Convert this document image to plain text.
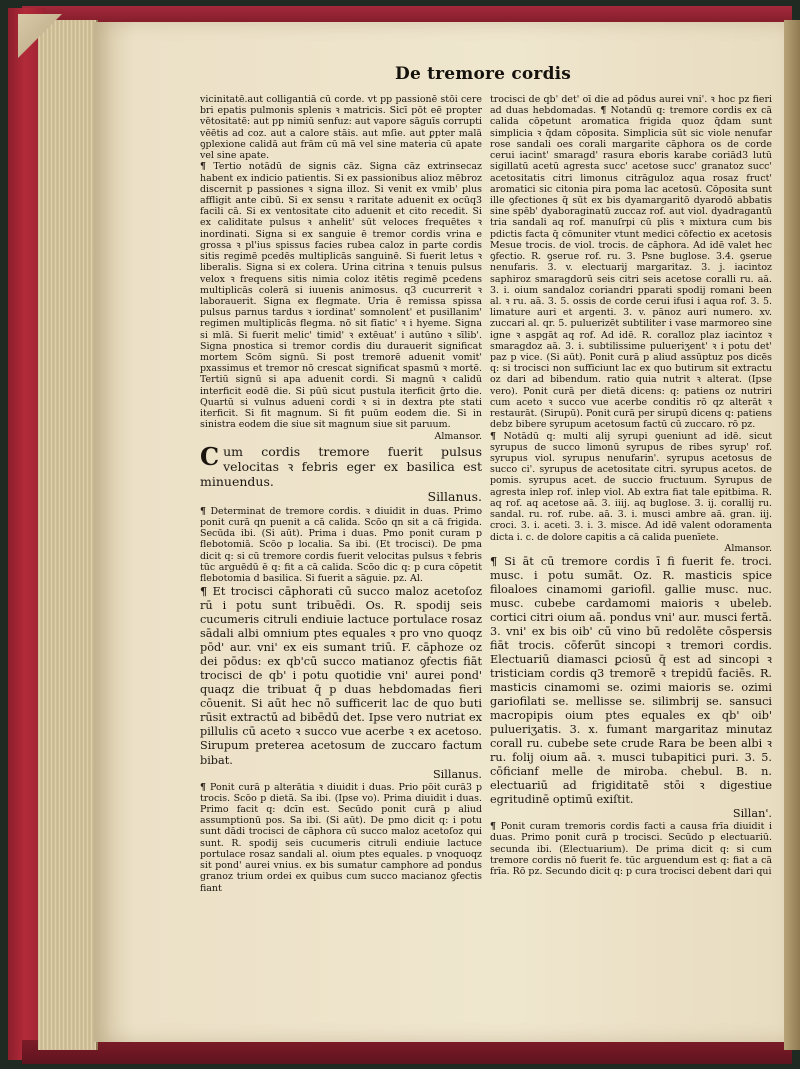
De tremore cordis

vicinitatē.aut colligantiā cū corde. vt pp passionē stōi cere bri epatis pulmonis splenis ꝛ matricis. Sicī pōt eē propter vētositatē: aut pp nimiū senfuz: aut vapore sāguīs corrupti vēētis ad coz. aut a calore stāis. aut mſie. aut ꝑpter malā ꝯplexione calidā aut frām cū mā vel sine materia cū apate vel sine apate.

¶ Tertio notādū de signis cāz. Signa cāz extrinsecaz habent ex indicio patientis. Si ex passionibus alioz mēbroz discernit p passiones ꝛ signa illoz. Si venit ex vmib' plus affligit ante cibū. Si ex sensu ꝛ raritate aduenit ex ocūq3 facili cā. Si ex ventositate cito aduenit et cito recedit. Si ex caliditate pulsus ꝛ anhelit' sūt veloces frequētes ꝛ inordinati. Signa si ex sanguie ē tremor cordis vrina e grossa ꝛ pl'ius spissus facies rubea caloz in parte cordis sitis regimē pcedēs multiplicās sanguinē. Si fuerit letus ꝛ liberalis. Signa si ex colera. Urina citrina ꝛ tenuis pulsus velox ꝛ frequens sitis nimia coloz itētis regimē pcedens multiplicās colerā si iuuenis animosus. q3 cucurrerit ꝛ laborauerit. Signa ex flegmate. Uria ē remissa spissa pulsus parnus tardus ꝛ iordinat' somnolent' et pusillanim' regimen multiplicās flegma. nō sit fīatic' ꝛ i hyeme. Signa si mlā. Si fuerit melic' timid' ꝛ extēuat' i autūno ꝛ sīlib'. Signa pnostica si tremor cordis diu durauerit significat mortem Scōm signū. Si post tremorē aduenit vomit' pxassimus et tremor nō crescat significat spasmū ꝛ mortē. Tertiū signū si apa aduenit cordi. Si magnū ꝛ calidū interficit eodē die. Si pūū sicut pustula iterficit ḡrto die. Quartū si vulnus adueni cordi ꝛ si in dextra pte stati iterficit. Si fit magnum. Si fit puūm eodem die. Si in sinistra eodem die siue sit magnum siue sit paruum.
Almansor.

C um cordis tremore fuerit pulsus velocitas ꝛ febris eger ex basilica est minuendus.
Sillanus.

¶ Determinat de tremore cordis. ꝛ diuidit in duas. Primo ponit curā qn puenit a cā calida. Scōo qn sit a cā frigida. Secūda ibi. (Si aūt). Prima i duas. Pmo ponit curam p flebotomiā. Scōo p localia. Sa ibi. (Et trocisci). De pma dicit q: si cū tremore cordis fuerit velocitas pulsus ꝛ febris tūc arguēdū ē q: fit a cā calida. Scōo dic q: p cura cōpetit flebotomia d basilica. Si fuerit a sāguie. pz. Al.

¶ Et trocisci cāphorati cū succo maloz acetoſoz rū i potu sunt tribuēdi. Os. R. spodij seis cucumeris citruli endiuie lactuce portulace rosaz sādali albi omnium ptes equales ꝛ pro vno quoqz pōd' aur. vni' ex eis sumant triū. F. cāphoze oz dei pōdus: ex qb'cū succo matianoz ꝯfectis fiāt trocisci de qb' i potu quotidie vni' aurei pond' quaqz die tribuat q̄ p duas hebdomadas fieri cōuenit. Si aūt hec nō sufficerit lac de quo buti rūsit extractū ad bibēdū det. Ipse vero nutriat ex pillulis cū aceto ꝛ succo vue acerbe ꝛ ex acetoso. Sirupum preterea acetosum de zuccaro factum bibat.
Sillanus.

¶ Ponit curā p alterātia ꝛ diuidit i duas. Prio pōit curā3 p trocis. Scōo p dietā. Sa ibi. (Ipse vo). Prima diuidit i duas. Primo facit q: dcīn est. Secūdo ponit curā p aliud assumptionū pos. Sa ibi. (Si aūt). De pmo dicit q: i potu sunt dādi trocisci de cāphora cū succo maloz acetoſoz qui sunt. R. spodij seis cucumeris citruli endiuie lactuce portulace rosaz sandali al. oium ptes equales. p vnoquoqz sit pond' aurei vnius. ex bis sumatur camphore ad pondus granoz trium ordei ex quibus cum succo macianoz ꝯfectis fiant

trocisci de qb' det' oī die ad pōdus aurei vni'. ꝛ hoc pz fieri ad duas hebdomadas. ¶ Notandū q: tremore cordis ex cā calida cōpetunt aromatica frigida quoz q̄dam sunt simplicia ꝛ q̄dam cōposita. Simplicia sūt sic viole nenufar rose sandali oes corali margarite cāphora os de corde cerui iacint' smaragd' rasura eboris karabe coriād3 lutū sigillatū acetū agresta succ' acetose succ' granatoz succ' acetositatis citri limonus citrāguloz aqua rosaz fruct' aromatici sic citonia pira poma lac acetosū. Cōposita sunt ille ꝯfectiones q̄ sūt ex bis dyamargaritō dyarodō abbatis sine spēb' dyaboraginatū zuccaz rof. aut viol. dyadragantū tria sandali aq rof. manuſrpi cū plis ꝛ mixtura cum bis pdictis facta q̄ cōmuniter vtunt medici cōfectio ex acetosis Mesue trocis. de viol. trocis. de cāphora. Ad idē valet hec ꝯfectio. R. ꝯserue rof. ru. 3. Psne buglose. 3.4. ꝯserue nenufaris. 3. v. electuarij margaritaz. 3. j. iacintoz saphiroz smaragdorū seis citri seis acetose coralli ru. aā. 3. i. oium sandaloz coriandri pparati spodij romani been al. ꝛ ru. aā. 3. 5. ossis de corde cerui ifusi i aqua rof. 3. 5. limature auri et argenti. 3. v. pānoz auri numero. xv. zuccari al. qr. 5. puluerizēt subtiliter i vase marmoreo sine igne ꝛ aspgāt aq rof. Ad idē. R. coralloz plaz iacintoz ꝛ smaragdoz aā. 3. i. subtilissime pulueriʒent' ꝛ i potu det' paz p vice. (Si aūt). Ponit curā p aliud assūptuz pos dicēs q: si trocisci non sufficiunt lac ex quo butirum sit extractu oz dari ad bibendum. ratio quia nutrit ꝛ alterat. (Ipse vero). Ponit curā per dietā dicens: q: patiens oz nutriri cum aceto ꝛ succo vue acerbe conditis rō qz alterāt ꝛ restaurāt. (Sirupū). Ponit curā per sirupū dicens q: patiens debz bibere syrupum acetosum factū cū zuccaro. rō pz.

¶ Notādū q: multi alij syrupi ꝯueniunt ad idē. sicut syrupus de succo limonū syrupus de ribes syrup' rof. syrupus viol. syrupus nenufarin'. syrupus acetosus de succo ci'. syrupus de acetositate citri. syrupus acetos. de pomis. syrupus acet. de succio fructuum. Syrupus de agresta inlep rof. inlep viol. Ab extra fiat tale epitbima. R. aq rof. aq acetose aā. 3. iiij. aq buglose. 3. ij. corallij ru. sandal. ru. rof. rube. aā. 3. i. musci ambre aā. gran. iij. croci. 3. i. aceti. 3. i. 3. misce. Ad idē valent odoramenta dicta i. c. de dolore capitis a cā calida puenīete.
Almansor.

¶ Si āt cū tremore cordis ī fi fuerit fe. troci. musc. i potu sumāt. Oz. R. masticis spice filoaloes cinamomi gariofil. gallie musc. nuc. musc. cubebe cardamomi maioris ꝛ ubeleb. cortici citri oium aā. pondus vni' aur. musci fertā. 3. vni' ex bis oib' cū vino bū redolēte cōspersis fiāt trocis. cōferūt sincopi ꝛ tremori cordis. Electuariū diamasci ꝑciosū q̄ est ad sincopi ꝛ tristiciam cordis q3 tremorē ꝛ trepidū faciēs. R. masticis cinamomi se. ozimi maioris se. ozimi gariofilati se. mellisse se. silimbrij se. sansuci macropipis oium ptes equales ex qb' oib' pulueriʒatis. 3. x. fumant margaritaz minutaz corall ru. cubebe sete crude Rara be been albi ꝛ ru. folij oium aā. ꝛ. musci tubapitici puri. 3. 5. cōficianf melle de miroba. chebul. B. n. electuariū ad frigiditatē stōi ꝛ digestiue egritudinē optimū exiſtit.
Sillan'.

¶ Ponit curam tremoris cordis facti a causa frīa diuidit i duas. Primo ponit curā p trocisci. Secūdo p electuariū. secunda ibi. (Electuarium). De prima dicit q: si cum tremore cordis nō fuerit fe. tūc arguendum est q: fiat a cā frīa. Rō pz. Secundo dicit q: p cura trocisci debent dari qui
